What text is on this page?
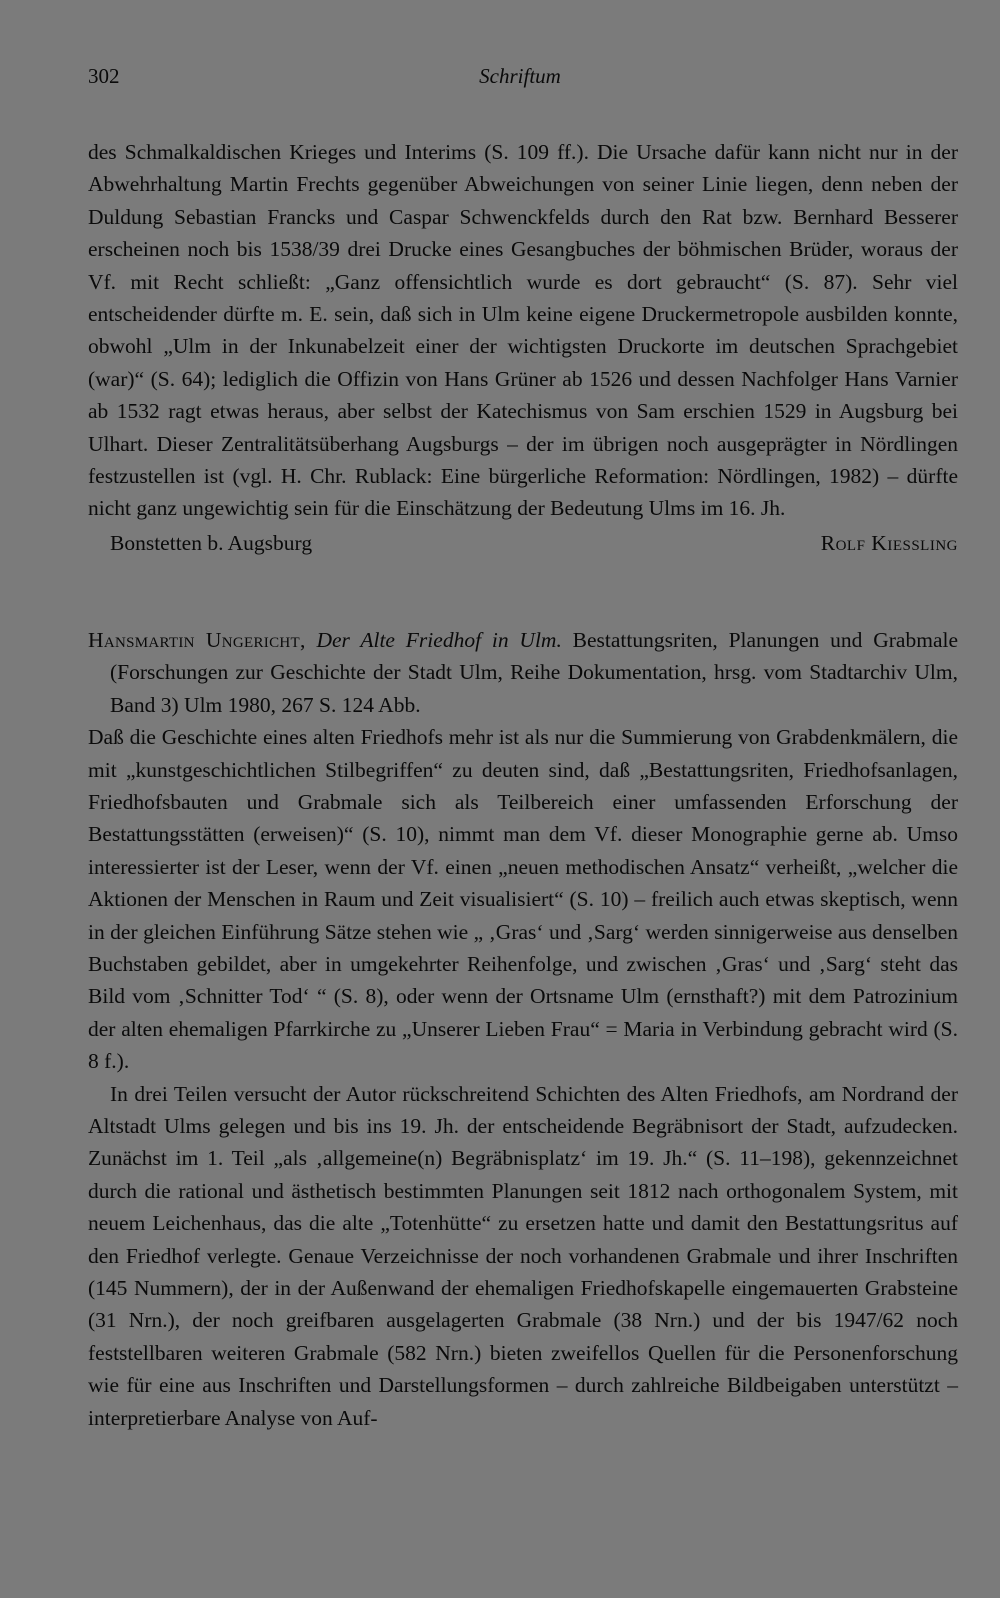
302	Schriftum

des Schmalkaldischen Krieges und Interims (S. 109 ff.). Die Ursache dafür kann nicht nur in der Abwehrhaltung Martin Frechts gegenüber Abweichungen von seiner Linie liegen, denn neben der Duldung Sebastian Francks und Caspar Schwenckfelds durch den Rat bzw. Bernhard Besserer erscheinen noch bis 1538/39 drei Drucke eines Gesangbuches der böhmischen Brüder, woraus der Vf. mit Recht schließt: „Ganz offensichtlich wurde es dort gebraucht“ (S. 87). Sehr viel entscheidender dürfte m. E. sein, daß sich in Ulm keine eigene Druckermetropole ausbilden konnte, obwohl „Ulm in der Inkunabelzeit einer der wichtigsten Druckorte im deutschen Sprachgebiet (war)“ (S. 64); lediglich die Offizin von Hans Grüner ab 1526 und dessen Nachfolger Hans Varnier ab 1532 ragt etwas heraus, aber selbst der Katechismus von Sam erschien 1529 in Augsburg bei Ulhart. Dieser Zentralitätsüberhang Augsburgs – der im übrigen noch ausgeprägter in Nördlingen festzustellen ist (vgl. H. Chr. Rublack: Eine bürgerliche Reformation: Nördlingen, 1982) – dürfte nicht ganz ungewichtig sein für die Einschätzung der Bedeutung Ulms im 16. Jh.

Bonstetten b. Augsburg	Rolf Kiessling

Hansmartin Ungericht, Der Alte Friedhof in Ulm. Bestattungsriten, Planungen und Grabmale (Forschungen zur Geschichte der Stadt Ulm, Reihe Dokumentation, hrsg. vom Stadtarchiv Ulm, Band 3) Ulm 1980, 267 S. 124 Abb.

Daß die Geschichte eines alten Friedhofs mehr ist als nur die Summierung von Grabdenkmälern, die mit „kunstgeschichtlichen Stilbegriffen“ zu deuten sind, daß „Bestattungsriten, Friedhofsanlagen, Friedhofsbauten und Grabmale sich als Teilbereich einer umfassenden Erforschung der Bestattungsstätten (erweisen)“ (S. 10), nimmt man dem Vf. dieser Monographie gerne ab. Umso interessierter ist der Leser, wenn der Vf. einen „neuen methodischen Ansatz“ verheißt, „welcher die Aktionen der Menschen in Raum und Zeit visualisiert“ (S. 10) – freilich auch etwas skeptisch, wenn in der gleichen Einführung Sätze stehen wie „ ‚Gras‘ und ‚Sarg‘ werden sinnigerweise aus denselben Buchstaben gebildet, aber in umgekehrter Reihenfolge, und zwischen ‚Gras‘ und ‚Sarg‘ steht das Bild vom ‚Schnitter Tod‘ “ (S. 8), oder wenn der Ortsname Ulm (ernsthaft?) mit dem Patrozinium der alten ehemaligen Pfarrkirche zu „Unserer Lieben Frau“ = Maria in Verbindung gebracht wird (S. 8 f.).

In drei Teilen versucht der Autor rückschreitend Schichten des Alten Friedhofs, am Nordrand der Altstadt Ulms gelegen und bis ins 19. Jh. der entscheidende Begräbnisort der Stadt, aufzudecken. Zunächst im 1. Teil „als ‚allgemeine(n) Begräbnisplatz‘ im 19. Jh.“ (S. 11–198), gekennzeichnet durch die rational und ästhetisch bestimmten Planungen seit 1812 nach orthogonalem System, mit neuem Leichenhaus, das die alte „Totenhütte“ zu ersetzen hatte und damit den Bestattungsritus auf den Friedhof verlegte. Genaue Verzeichnisse der noch vorhandenen Grabmale und ihrer Inschriften (145 Nummern), der in der Außenwand der ehemaligen Friedhofskapelle eingemauerten Grabsteine (31 Nrn.), der noch greifbaren ausgelagerten Grabmale (38 Nrn.) und der bis 1947/62 noch feststellbaren weiteren Grabmale (582 Nrn.) bieten zweifellos Quellen für die Personenforschung wie für eine aus Inschriften und Darstellungsformen – durch zahlreiche Bildbeigaben unterstützt – interpretierbare Analyse von Auf-
